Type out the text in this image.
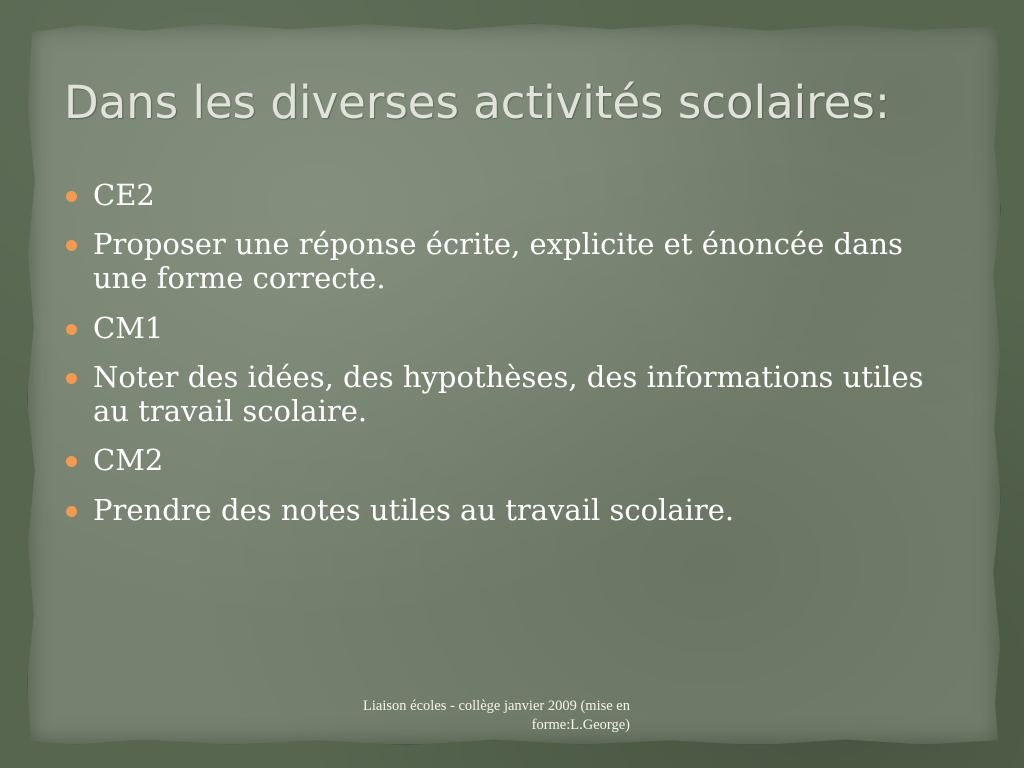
Dans les diverses activités scolaires:
CE2
Proposer une réponse écrite, explicite et énoncée dans une forme correcte.
CM1
Noter des idées, des hypothèses, des informations utiles au travail scolaire.
CM2
Prendre des notes utiles au travail scolaire.
Liaison écoles - collège janvier 2009 (mise en
forme:L.George)
